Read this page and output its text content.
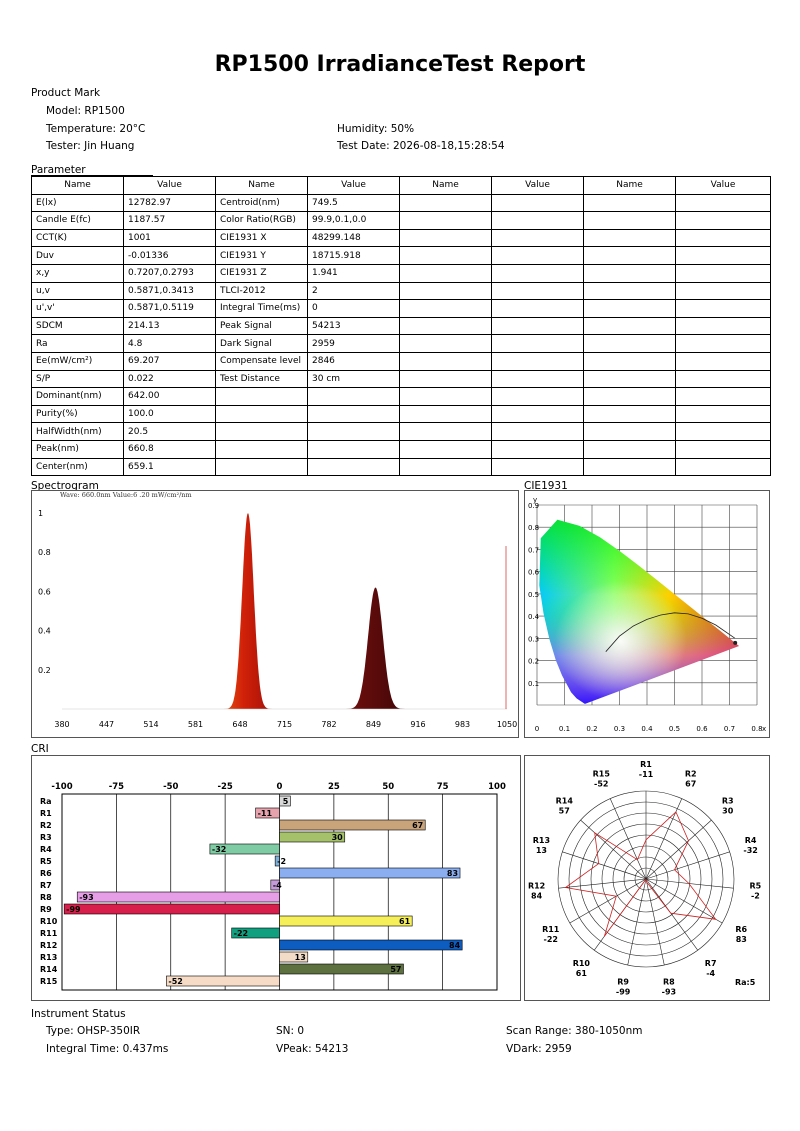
RP1500 IrradianceTest Report
Product Mark
Model: RP1500
Temperature: 20°C	Humidity: 50%
Tester: Jin Huang	Test Date: 2026-08-18,15:28:54
Parameter
Name	Value	Name	Value	Name	Value	Name	Value
E(lx)	12782.97	Centroid(nm)	749.5				
Candle E(fc)	1187.57	Color Ratio(RGB)	99.9,0.1,0.0				
CCT(K)	1001	CIE1931 X	48299.148				
Duv	-0.01336	CIE1931 Y	18715.918				
x,y	0.7207,0.2793	CIE1931 Z	1.941				
u,v	0.5871,0.3413	TLCI-2012	2				
u',v'	0.5871,0.5119	Integral Time(ms)	0				
SDCM	214.13	Peak Signal	54213				
Ra	4.8	Dark Signal	2959				
Ee(mW/cm²)	69.207	Compensate level	2846				
S/P	0.022	Test Distance	30 cm				
Dominant(nm)	642.00						
Purity(%)	100.0						
HalfWidth(nm)	20.5						
Peak(nm)	660.8						
Center(nm)	659.1						
Spectrogram
380	447	514	581	648	715	782	849	916	983	1050
0.2
0.4
0.6
0.8
1
Wave: 660.0nm Value:6 .20 mW/cm²/nm
CIE1931
0	0.1 0.2 0.3 0.4 0.5 0.6 0.7 0.8
0.1
0.2
0.3
0.4
0.5
0.6
0.7
0.8
0.9
x
y
CRI
-100	-75	-50	-25	0	25	50	75	100
Ra	5
R1	-11
R2	67
R3	30
R4	-32
R5	-2
R6	83
R7	-4
R8	-93
R9 -99
R10	61
R11	-22
R12	84
R13	13
R14	57
R15	-52
R1
-11	R2
67
R3
30
R4
-32
R5
-2
R6
83
R7
-4
R8
-93
R9
-99
R10
61
R11
-22
R12
84
R13
13
R14
57
R15
-52
Ra:5
Instrument Status
Type: OHSP-350IR	SN: 0	Scan Range: 380-1050nm
Integral Time: 0.437ms	VPeak: 54213	VDark: 2959
